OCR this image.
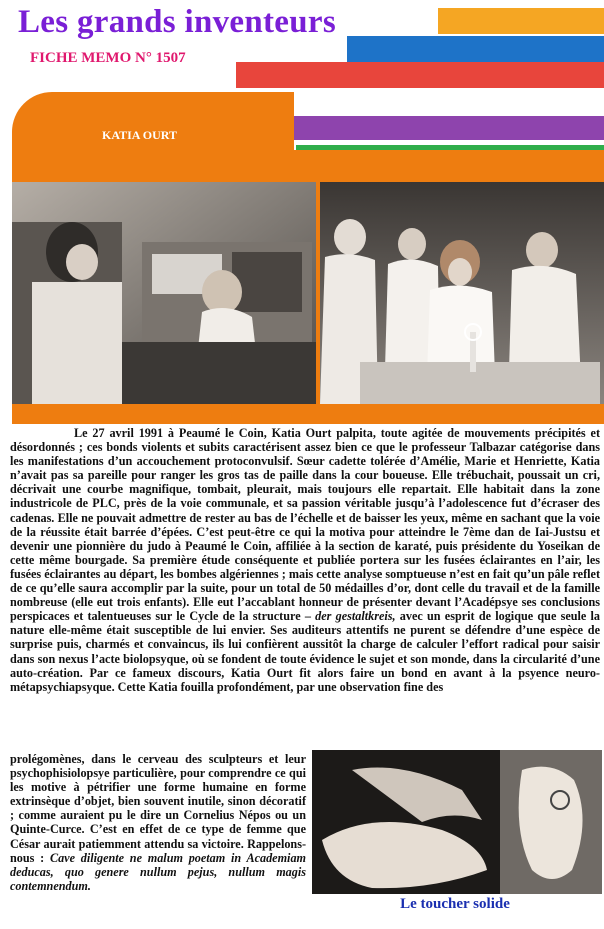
Les grands inventeurs
FICHE MEMO N° 1507
KATIA OURT

Le 27 avril 1991 à Peaumé le Coin, Katia Ourt palpita, toute agitée de mouvements précipités et désordonnés ; ces bonds violents et subits caractérisent assez bien ce que le professeur Talbazar catégorise dans les manifestations d’un accouchement protoconvulsif. Sœur cadette tolérée d’Amélie, Marie et Henriette, Katia n’avait pas sa pareille pour ranger les gros tas de paille dans la cour boueuse. Elle trébuchait, poussait un cri, décrivait une courbe magnifique, tombait, pleurait, mais toujours elle repartait. Elle habitait dans la zone industricole de PLC, près de la voie communale, et sa passion véritable jusqu’à l’adolescence fut d’écraser des cadenas. Elle ne pouvait admettre de rester au bas de l’échelle et de baisser les yeux, même en sachant que la voie de la réussite était barrée d’épées. C’est peut-être ce qui la motiva pour atteindre le 7ème dan de Iai-Justsu et devenir une pionnière du judo à Peaumé le Coin, affiliée à la section de karaté, puis présidente du Yoseikan de cette même bourgade. Sa première étude conséquente et publiée portera sur les fusées éclairantes en l’air, les fusées éclairantes au départ, les bombes algériennes ; mais cette analyse somptueuse n’est en fait qu’un pâle reflet de ce qu’elle saura accomplir par la suite, pour un total de 50 médailles d’or, dont celle du travail et de la famille nombreuse (elle eut trois enfants). Elle eut l’accablant honneur de présenter devant l’Acadépsye ses conclusions perspicaces et talentueuses sur le Cycle de la structure – der gestaltkreis, avec un esprit de logique que seule la nature elle-même était susceptible de lui envier. Ses auditeurs attentifs ne purent se défendre d’une espèce de surprise puis, charmés et convaincus, ils lui confièrent aussitôt la charge de calculer l’effort radical pour saisir dans son nexus l’acte biolopsyque, où se fondent de toute évidence le sujet et son monde, dans la circularité d’une auto-création. Par ce fameux discours, Katia Ourt fit alors faire un bond en avant à la psyence neuro-métapsychiapsyque. Cette Katia fouilla profondément, par une observation fine des

prolégomènes, dans le cerveau des sculpteurs et leur psychophisiolopsye particulière, pour comprendre ce qui les motive à pétrifier une forme humaine en forme extrinsèque d’objet, bien souvent inutile, sinon décoratif ; comme auraient pu le dire un Cornelius Népos ou un Quinte-Curce. C’est en effet de ce type de femme que César aurait patiemment attendu sa victoire. Rappelons-nous : Cave diligente ne malum poetam in Academiam deducas, quo genere nullum pejus, nullum magis contemnendum.
Le toucher solide
